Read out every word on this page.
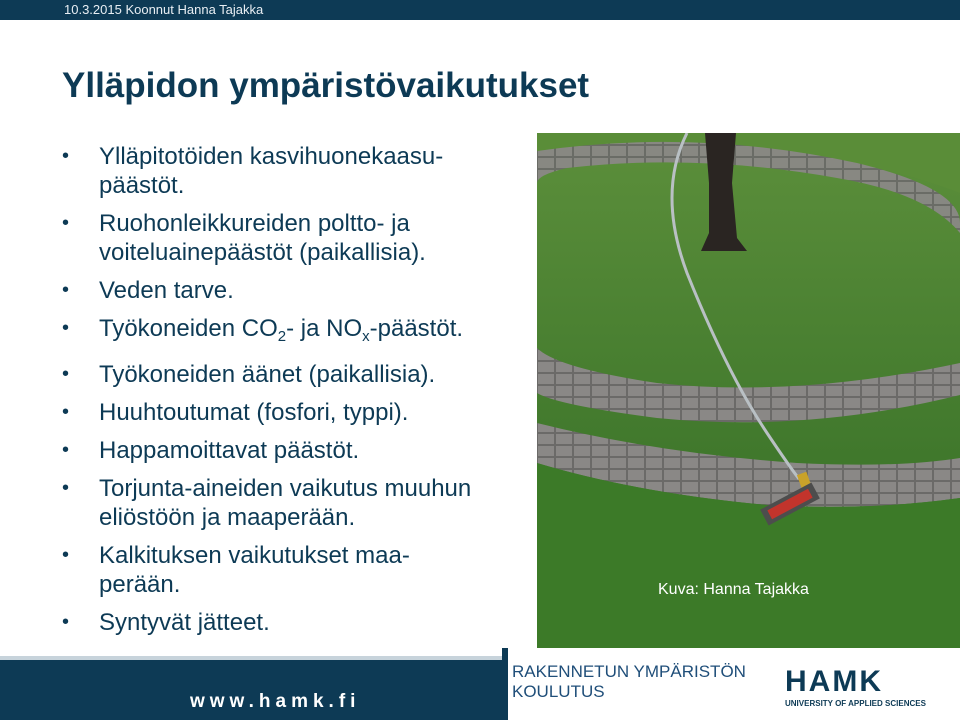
10.3.2015 Koonnut Hanna Tajakka
Ylläpidon ympäristövaikutukset
• Ylläpitotöiden kasvihuonekaasu-
päästöt.
• Ruohonleikkureiden poltto- ja
voiteluainepäästöt (paikallisia).
• Veden tarve.
• Työkoneiden $CO_2-$ ja $NO_x$-päästöt.
• Työkoneiden äänet (paikallisia).
• Huuhtoutumat (fosfori, typpi).
• Happamoittavat päästöt.
• Torjunta-aineiden vaikutus muuhun
eliöstöön ja maaperään.
• Kalkituksen vaikutukset maa-
perään.
• Syntyvät jätteet.
Kuva: Hanna Tajakka
www.hamk.fi
RAKENNETUN YMPÄRISTÖN
KOULUTUS	HAMK
UNIVERSITY OF APPLIED SCIENCES
